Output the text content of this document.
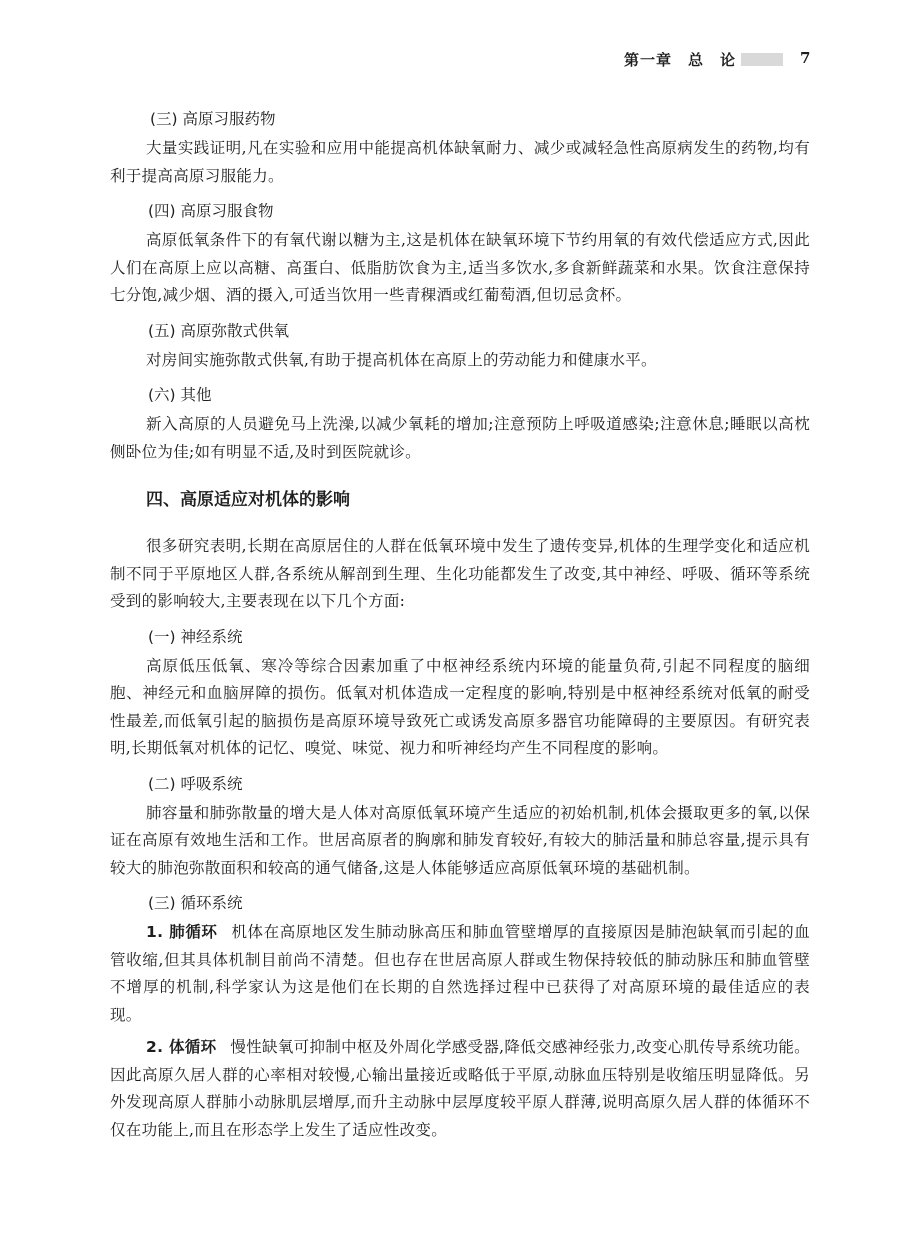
第一章　总　论	7

(三) 高原习服药物

大量实践证明,凡在实验和应用中能提高机体缺氧耐力、减少或减轻急性高原病发生的药物,均有利于提高高原习服能力。

(四) 高原习服食物

高原低氧条件下的有氧代谢以糖为主,这是机体在缺氧环境下节约用氧的有效代偿适应方式,因此人们在高原上应以高糖、高蛋白、低脂肪饮食为主,适当多饮水,多食新鲜蔬菜和水果。饮食注意保持七分饱,减少烟、酒的摄入,可适当饮用一些青稞酒或红葡萄酒,但切忌贪杯。

(五) 高原弥散式供氧

对房间实施弥散式供氧,有助于提高机体在高原上的劳动能力和健康水平。

(六) 其他

新入高原的人员避免马上洗澡,以减少氧耗的增加;注意预防上呼吸道感染;注意休息;睡眠以高枕侧卧位为佳;如有明显不适,及时到医院就诊。

四、高原适应对机体的影响

很多研究表明,长期在高原居住的人群在低氧环境中发生了遗传变异,机体的生理学变化和适应机制不同于平原地区人群,各系统从解剖到生理、生化功能都发生了改变,其中神经、呼吸、循环等系统受到的影响较大,主要表现在以下几个方面:

(一) 神经系统

高原低压低氧、寒冷等综合因素加重了中枢神经系统内环境的能量负荷,引起不同程度的脑细胞、神经元和血脑屏障的损伤。低氧对机体造成一定程度的影响,特别是中枢神经系统对低氧的耐受性最差,而低氧引起的脑损伤是高原环境导致死亡或诱发高原多器官功能障碍的主要原因。有研究表明,长期低氧对机体的记忆、嗅觉、味觉、视力和听神经均产生不同程度的影响。

(二) 呼吸系统

肺容量和肺弥散量的增大是人体对高原低氧环境产生适应的初始机制,机体会摄取更多的氧,以保证在高原有效地生活和工作。世居高原者的胸廓和肺发育较好,有较大的肺活量和肺总容量,提示具有较大的肺泡弥散面积和较高的通气储备,这是人体能够适应高原低氧环境的基础机制。

(三) 循环系统

1. 肺循环 机体在高原地区发生肺动脉高压和肺血管壁增厚的直接原因是肺泡缺氧而引起的血管收缩,但其具体机制目前尚不清楚。但也存在世居高原人群或生物保持较低的肺动脉压和肺血管壁不增厚的机制,科学家认为这是他们在长期的自然选择过程中已获得了对高原环境的最佳适应的表现。

2. 体循环 慢性缺氧可抑制中枢及外周化学感受器,降低交感神经张力,改变心肌传导系统功能。因此高原久居人群的心率相对较慢,心输出量接近或略低于平原,动脉血压特别是收缩压明显降低。另外发现高原人群肺小动脉肌层增厚,而升主动脉中层厚度较平原人群薄,说明高原久居人群的体循环不仅在功能上,而且在形态学上发生了适应性改变。
